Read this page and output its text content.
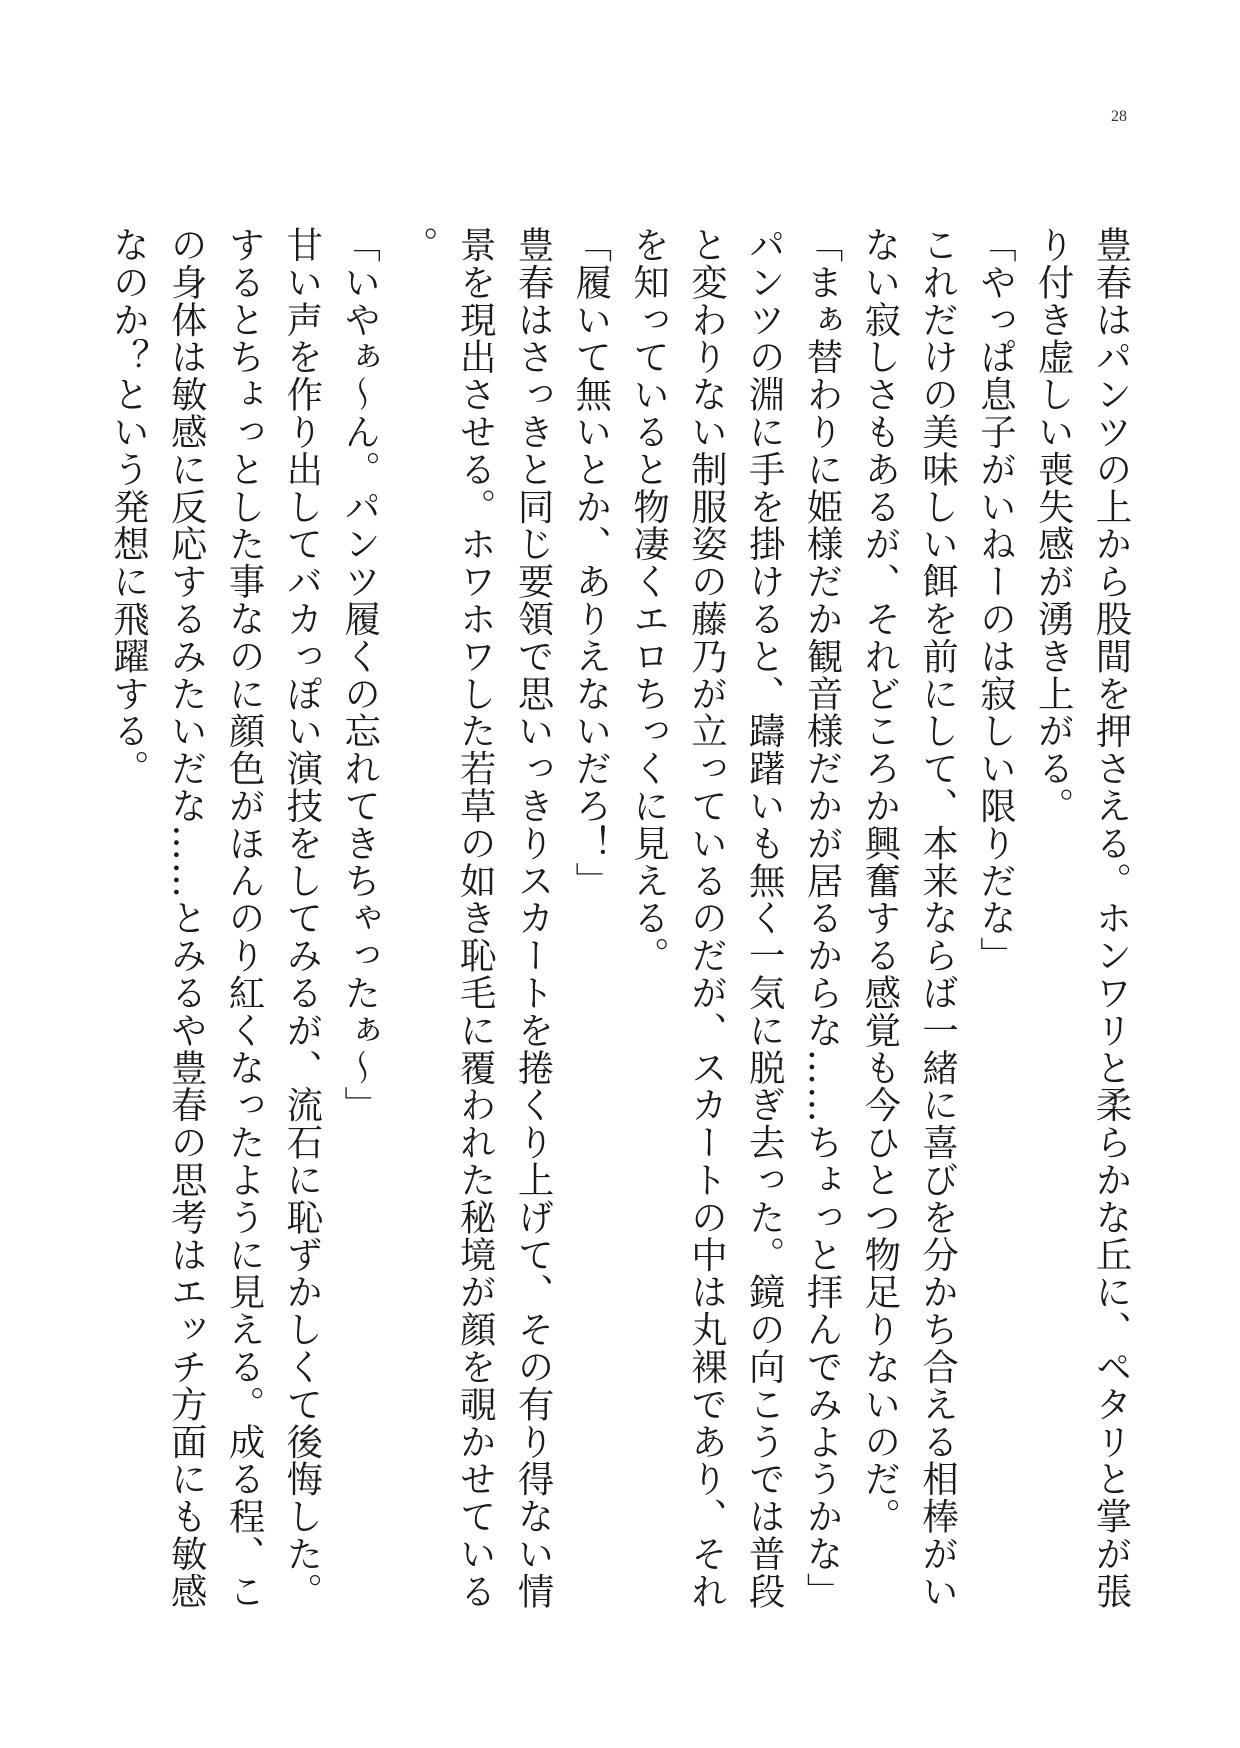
28

豊春はパンツの上から股間を押さえる。ホンワリと柔らかな丘に、ペタリと掌が張り付き虚しい喪失感が湧き上がる。

「やっぱ息子がいねーのは寂しい限りだな」

これだけの美味しい餌を前にして、本来ならば一緒に喜びを分かち合える相棒がいない寂しさもあるが、それどころか興奮する感覚も今ひとつ物足りないのだ。

「まぁ替わりに姫様だか観音様だかが居るからな……ちょっと拝んでみようかな」

パンツの淵に手を掛けると、躊躇いも無く一気に脱ぎ去った。鏡の向こうでは普段と変わりない制服姿の藤乃が立っているのだが、スカートの中は丸裸であり、それを知っていると物凄くエロちっくに見える。

「履いて無いとか、ありえないだろ！」

豊春はさっきと同じ要領で思いっきりスカートを捲くり上げて、その有り得ない情景を現出させる。ホワホワした若草の如き恥毛に覆われた秘境が顔を覗かせている。

「いやぁ～ん。パンツ履くの忘れてきちゃったぁ～」

甘い声を作り出してバカっぽい演技をしてみるが、流石に恥ずかしくて後悔した。するとちょっとした事なのに顔色がほんのり紅くなったように見える。成る程、この身体は敏感に反応するみたいだな……とみるや豊春の思考はエッチ方面にも敏感なのか？という発想に飛躍する。
